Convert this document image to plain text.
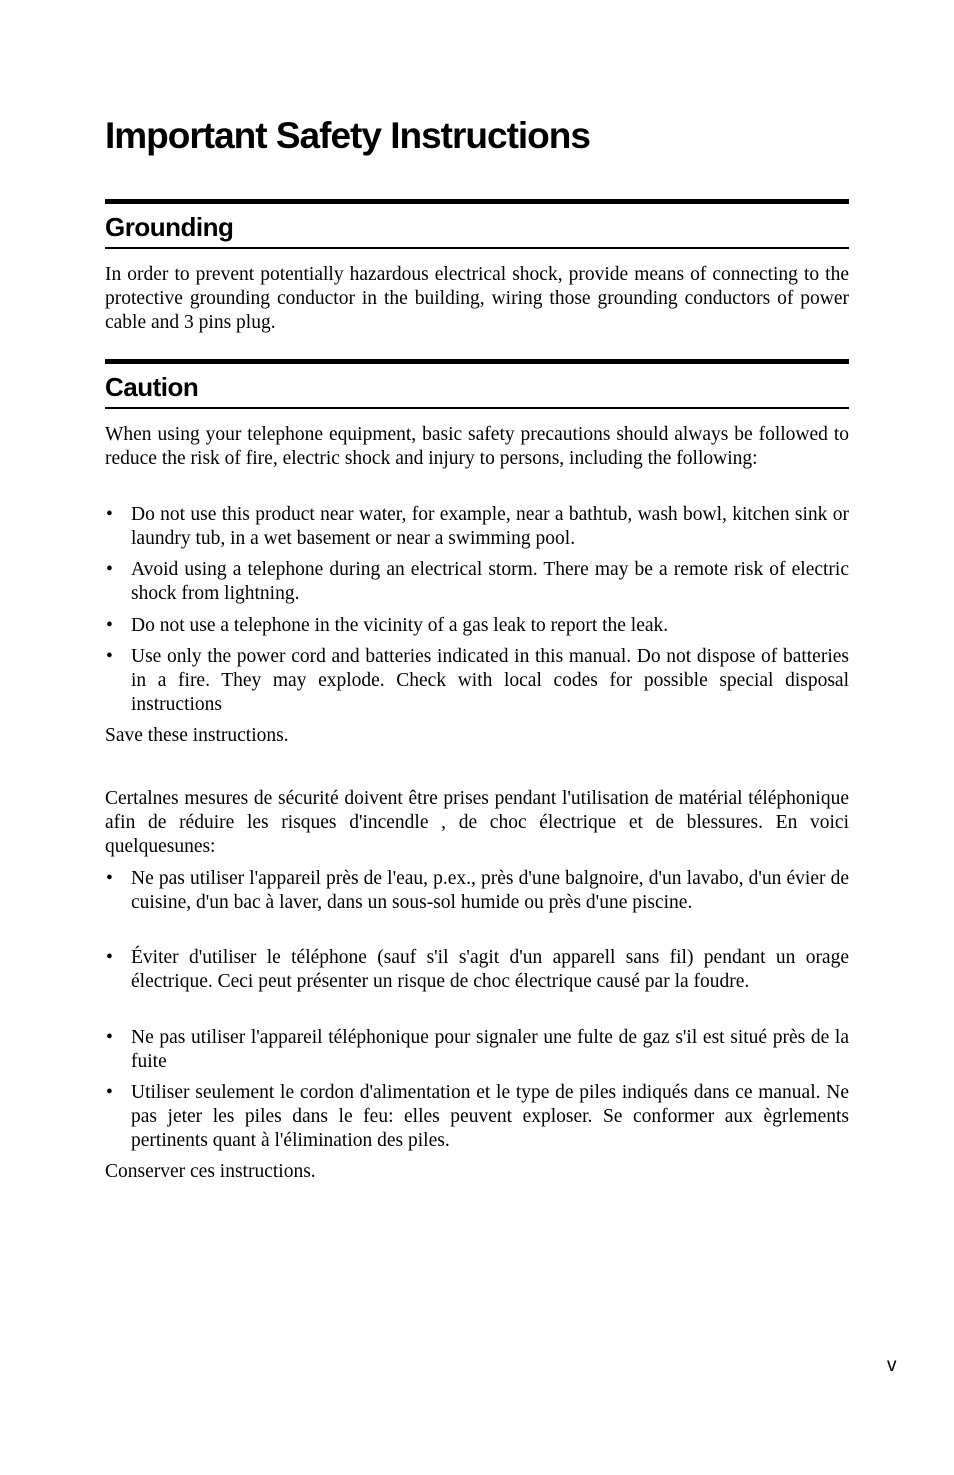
Important Safety Instructions
Grounding

In order to prevent potentially hazardous electrical shock, provide means of connecting to the protective grounding conductor in the building, wiring those grounding conductors of power cable and 3 pins plug.

Caution

When using your telephone equipment, basic safety precautions should always be followed to reduce the risk of fire, electric shock and injury to persons, including the following:

• Do not use this product near water, for example, near a bathtub, wash bowl, kitchen sink or laundry tub, in a wet basement or near a swimming pool.
• Avoid using a telephone during an electrical storm. There may be a remote risk of electric shock from lightning.
• Do not use a telephone in the vicinity of a gas leak to report the leak.
• Use only the power cord and batteries indicated in this manual. Do not dispose of batteries in a fire. They may explode. Check with local codes for possible special disposal instructions

Save these instructions.

Certalnes mesures de sécurité doivent être prises pendant l'utilisation de matérial téléphonique afin de réduire les risques d'incendle , de choc électrique et de blessures. En voici quelquesunes:

• Ne pas utiliser l'appareil près de l'eau, p.ex., près d'une balgnoire, d'un lavabo, d'un évier de cuisine, d'un bac à laver, dans un sous-sol humide ou près d'une piscine.
• Éviter d'utiliser le téléphone (sauf s'il s'agit d'un apparell sans fil) pendant un orage électrique. Ceci peut présenter un risque de choc électrique causé par la foudre.
• Ne pas utiliser l'appareil téléphonique pour signaler une fulte de gaz s'il est situé près de la fuite
• Utiliser seulement le cordon d'alimentation et le type de piles indiqués dans ce manual. Ne pas jeter les piles dans le feu: elles peuvent exploser. Se conformer aux ègrlements pertinents quant à l'élimination des piles.

Conserver ces instructions.

v
